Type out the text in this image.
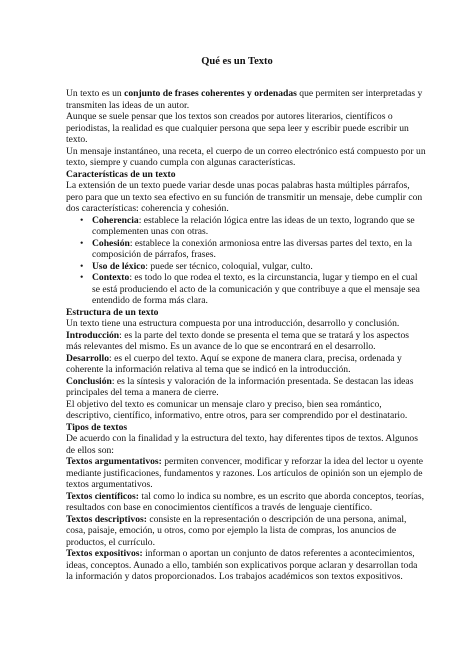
Qué es un Texto

Un texto es un conjunto de frases coherentes y ordenadas que permiten ser interpretadas y transmiten las ideas de un autor.

Aunque se suele pensar que los textos son creados por autores literarios, científicos o periodistas, la realidad es que cualquier persona que sepa leer y escribir puede escribir un texto.

Un mensaje instantáneo, una receta, el cuerpo de un correo electrónico está compuesto por un texto, siempre y cuando cumpla con algunas características.

Características de un texto

La extensión de un texto puede variar desde unas pocas palabras hasta múltiples párrafos, pero para que un texto sea efectivo en su función de transmitir un mensaje, debe cumplir con dos características: coherencia y cohesión.

• Coherencia: establece la relación lógica entre las ideas de un texto, logrando que se complementen unas con otras.
• Cohesión: establece la conexión armoniosa entre las diversas partes del texto, en la composición de párrafos, frases.
• Uso de léxico: puede ser técnico, coloquial, vulgar, culto.
• Contexto: es todo lo que rodea el texto, es la circunstancia, lugar y tiempo en el cual se está produciendo el acto de la comunicación y que contribuye a que el mensaje sea entendido de forma más clara.

Estructura de un texto

Un texto tiene una estructura compuesta por una introducción, desarrollo y conclusión.

Introducción: es la parte del texto donde se presenta el tema que se tratará y los aspectos más relevantes del mismo. Es un avance de lo que se encontrará en el desarrollo.

Desarrollo: es el cuerpo del texto. Aquí se expone de manera clara, precisa, ordenada y coherente la información relativa al tema que se indicó en la introducción.

Conclusión: es la síntesis y valoración de la información presentada. Se destacan las ideas principales del tema a manera de cierre.

El objetivo del texto es comunicar un mensaje claro y preciso, bien sea romántico, descriptivo, científico, informativo, entre otros, para ser comprendido por el destinatario.

Tipos de textos

De acuerdo con la finalidad y la estructura del texto, hay diferentes tipos de textos. Algunos de ellos son:

Textos argumentativos: permiten convencer, modificar y reforzar la idea del lector u oyente mediante justificaciones, fundamentos y razones. Los artículos de opinión son un ejemplo de textos argumentativos.

Textos científicos: tal como lo indica su nombre, es un escrito que aborda conceptos, teorías, resultados con base en conocimientos científicos a través de lenguaje científico.

Textos descriptivos: consiste en la representación o descripción de una persona, animal, cosa, paisaje, emoción, u otros, como por ejemplo la lista de compras, los anuncios de productos, el currículo.

Textos expositivos: informan o aportan un conjunto de datos referentes a acontecimientos, ideas, conceptos. Aunado a ello, también son explicativos porque aclaran y desarrollan toda la información y datos proporcionados. Los trabajos académicos son textos expositivos.
